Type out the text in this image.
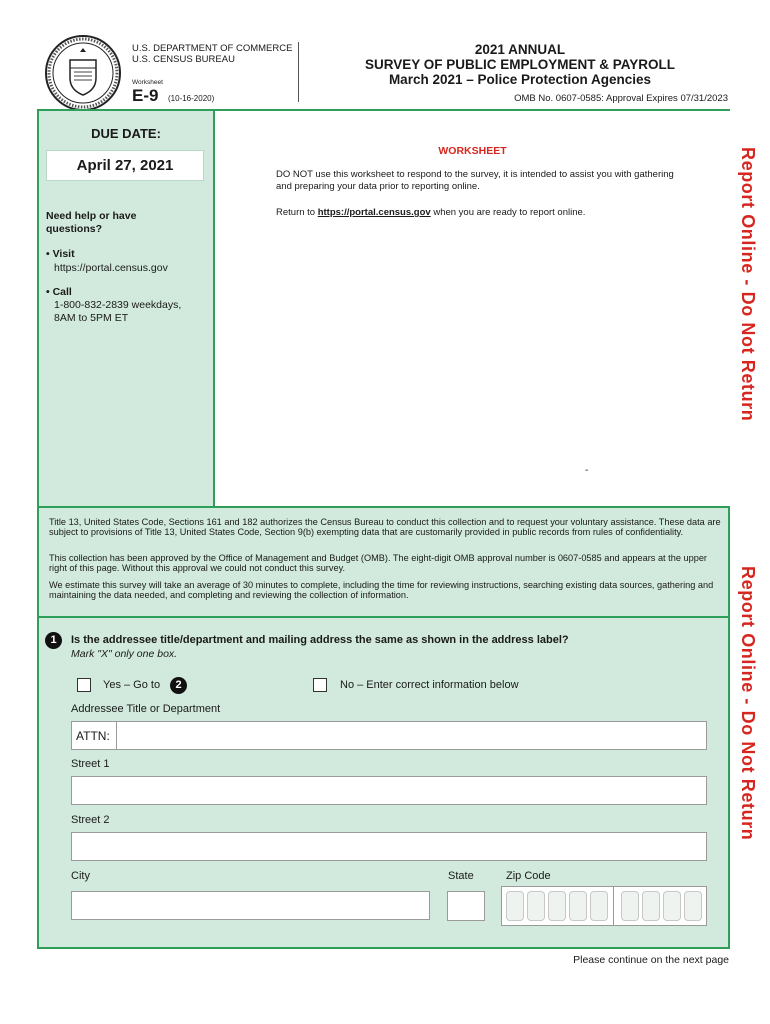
U.S. DEPARTMENT OF COMMERCE
U.S. CENSUS BUREAU
Worksheet
E-9 (10-16-2020)
2021 ANNUAL
SURVEY OF PUBLIC EMPLOYMENT & PAYROLL
March 2021 – Police Protection Agencies
OMB No. 0607-0585: Approval Expires 07/31/2023
DUE DATE:
April 27, 2021
Need help or have questions?
• Visit
https://portal.census.gov
• Call
1-800-832-2839 weekdays,
8AM to 5PM ET
WORKSHEET
DO NOT use this worksheet to respond to the survey, it is intended to assist you with gathering and preparing your data prior to reporting online.
Return to https://portal.census.gov when you are ready to report online.
-
Title 13, United States Code, Sections 161 and 182 authorizes the Census Bureau to conduct this collection and to request your voluntary assistance. These data are subject to provisions of Title 13, United States Code, Section 9(b) exempting data that are customarily provided in public records from rules of confidentiality.
This collection has been approved by the Office of Management and Budget (OMB). The eight-digit OMB approval number is 0607-0585 and appears at the upper right of this page. Without this approval we could not conduct this survey.
We estimate this survey will take an average of 30 minutes to complete, including the time for reviewing instructions, searching existing data sources, gathering and maintaining the data needed, and completing and reviewing the collection of information.
1	Is the addressee title/department and mailing address the same as shown in the address label?
Mark "X" only one box.
Yes – Go to	2	No – Enter correct information below
Addressee Title or Department
ATTN:
Street 1
Street 2
City	State	Zip Code
Report Online - Do Not Return
Report Online - Do Not Return
Please continue on the next page
